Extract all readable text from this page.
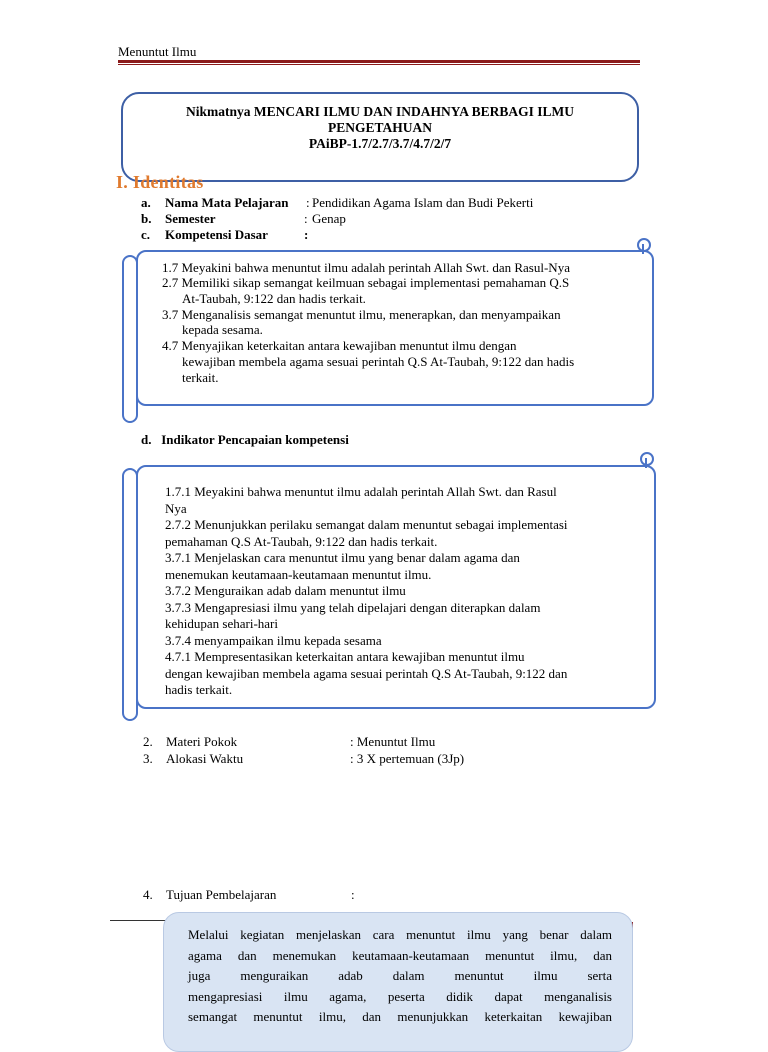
Menuntut Ilmu
Nikmatnya MENCARI ILMU DAN INDAHNYA BERBAGI ILMU
PENGETAHUAN
PAiBP-1.7/2.7/3.7/4.7/2/7
I. Identitas
a. Nama Mata Pelajaran : Pendidikan Agama Islam dan Budi Pekerti
b. Semester	: Genap
c. Kompetensi Dasar	:
1.7 Meyakini bahwa menuntut ilmu adalah perintah Allah Swt. dan Rasul-Nya
2.7 Memiliki sikap semangat keilmuan sebagai implementasi pemahaman Q.S
At-Taubah, 9:122 dan hadis terkait.
3.7 Menganalisis semangat menuntut ilmu, menerapkan, dan menyampaikan
kepada sesama.
4.7 Menyajikan keterkaitan antara kewajiban menuntut ilmu dengan
kewajiban membela agama sesuai perintah Q.S At-Taubah, 9:122 dan hadis
terkait.
d. Indikator Pencapaian kompetensi
1.7.1 Meyakini bahwa menuntut ilmu adalah perintah Allah Swt. dan Rasul
Nya
2.7.2 Menunjukkan perilaku semangat dalam menuntut sebagai implementasi
pemahaman Q.S At-Taubah, 9:122 dan hadis terkait.
3.7.1 Menjelaskan cara menuntut ilmu yang benar dalam agama dan
menemukan keutamaan-keutamaan menuntut ilmu.
3.7.2 Menguraikan adab dalam menuntut ilmu
3.7.3 Mengapresiasi ilmu yang telah dipelajari dengan diterapkan dalam
kehidupan sehari-hari
3.7.4 menyampaikan ilmu kepada sesama
4.7.1 Mempresentasikan keterkaitan antara kewajiban menuntut ilmu
dengan kewajiban membela agama sesuai perintah Q.S At-Taubah, 9:122 dan
hadis terkait.
2. Materi Pokok	: Menuntut Ilmu
3. Alokasi Waktu	: 3 X pertemuan (3Jp)
4. Tujuan Pembelajaran	:
Melalui kegiatan menjelaskan cara menuntut ilmu yang benar dalam
agama dan menemukan keutamaan-keutamaan menuntut ilmu, dan
juga menguraikan adab dalam menuntut ilmu serta
mengapresiasi ilmu agama, peserta didik dapat menganalisis
semangat menuntut ilmu, dan menunjukkan keterkaitan kewajiban
